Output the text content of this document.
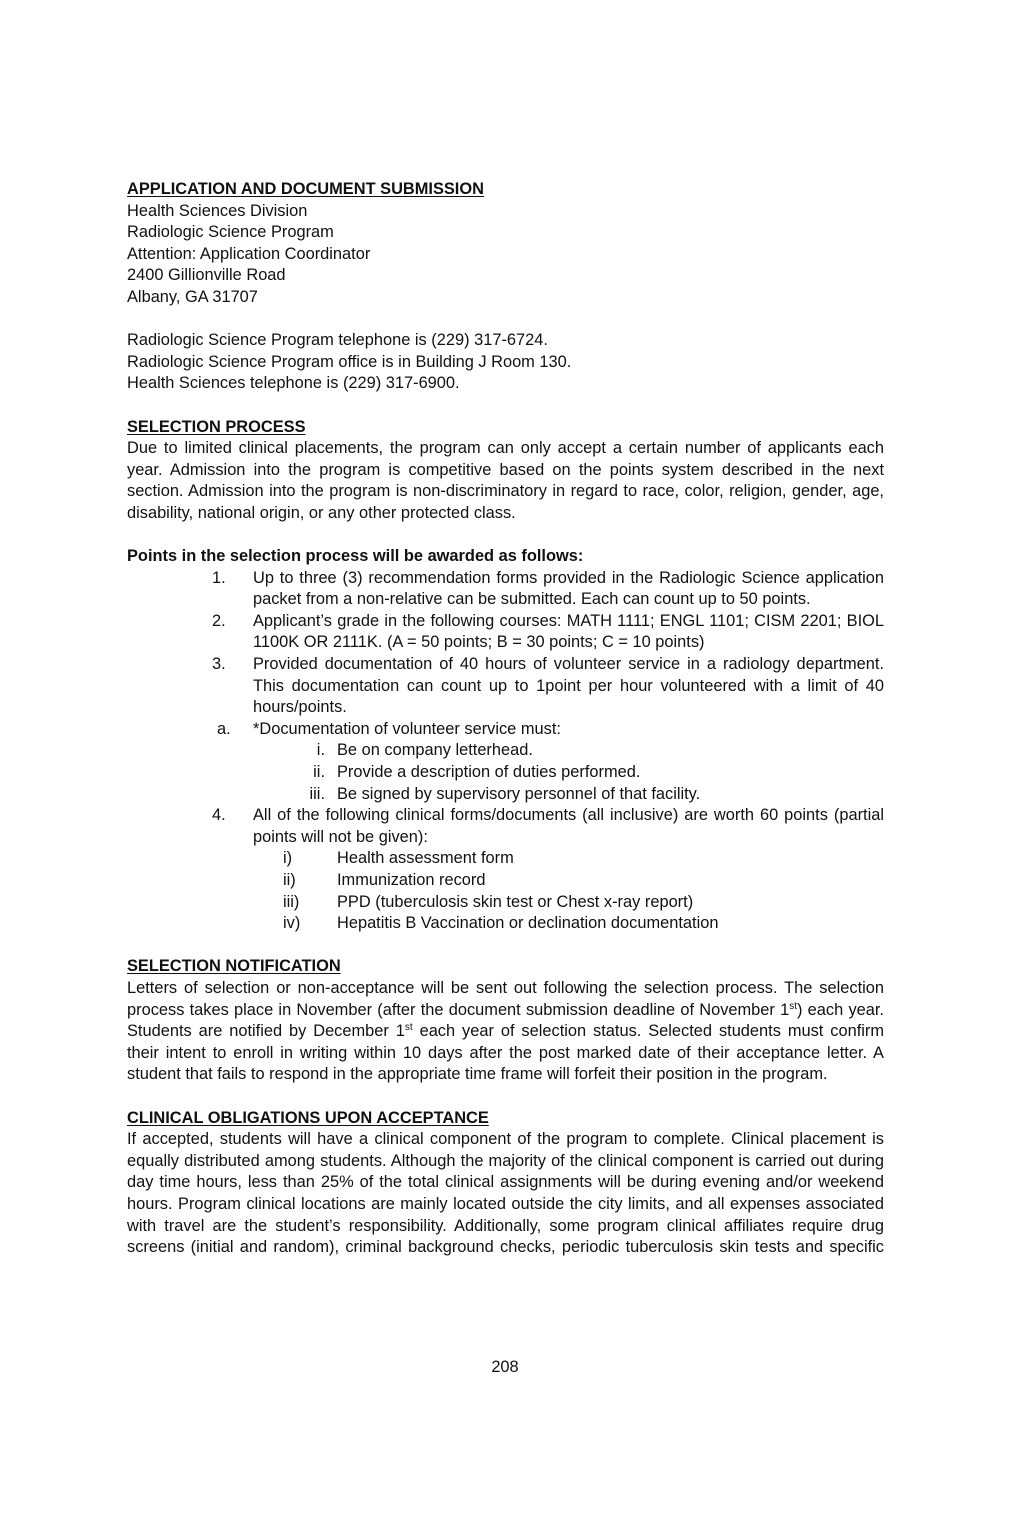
APPLICATION AND DOCUMENT SUBMISSION
Health Sciences Division
Radiologic Science Program
Attention: Application Coordinator
2400 Gillionville Road
Albany, GA 31707
Radiologic Science Program telephone is (229) 317-6724.
Radiologic Science Program office is in Building J Room 130.
Health Sciences telephone is (229) 317-6900.
SELECTION PROCESS
Due to limited clinical placements, the program can only accept a certain number of applicants each year. Admission into the program is competitive based on the points system described in the next section. Admission into the program is non-discriminatory in regard to race, color, religion, gender, age, disability, national origin, or any other protected class.
Points in the selection process will be awarded as follows:
1. Up to three (3) recommendation forms provided in the Radiologic Science application packet from a non-relative can be submitted. Each can count up to 50 points.
2. Applicant’s grade in the following courses: MATH 1111; ENGL 1101; CISM 2201; BIOL 1100K OR 2111K. (A = 50 points; B = 30 points; C = 10 points)
3. Provided documentation of 40 hours of volunteer service in a radiology department. This documentation can count up to 1point per hour volunteered with a limit of 40 hours/points.
a. *Documentation of volunteer service must:
i. Be on company letterhead.
ii. Provide a description of duties performed.
iii. Be signed by supervisory personnel of that facility.
4. All of the following clinical forms/documents (all inclusive) are worth 60 points (partial points will not be given):
i)	Health assessment form
ii)	Immunization record
iii) PPD (tuberculosis skin test or Chest x-ray report)
iv) Hepatitis B Vaccination or declination documentation
SELECTION NOTIFICATION
Letters of selection or non-acceptance will be sent out following the selection process. The selection process takes place in November (after the document submission deadline of November 1st) each year. Students are notified by December 1st each year of selection status. Selected students must confirm their intent to enroll in writing within 10 days after the post marked date of their acceptance letter. A student that fails to respond in the appropriate time frame will forfeit their position in the program.
CLINICAL OBLIGATIONS UPON ACCEPTANCE
If accepted, students will have a clinical component of the program to complete. Clinical placement is equally distributed among students. Although the majority of the clinical component is carried out during day time hours, less than 25% of the total clinical assignments will be during evening and/or weekend hours. Program clinical locations are mainly located outside the city limits, and all expenses associated with travel are the student’s responsibility. Additionally, some program clinical affiliates require drug screens (initial and random), criminal background checks, periodic tuberculosis skin tests and specific
208
